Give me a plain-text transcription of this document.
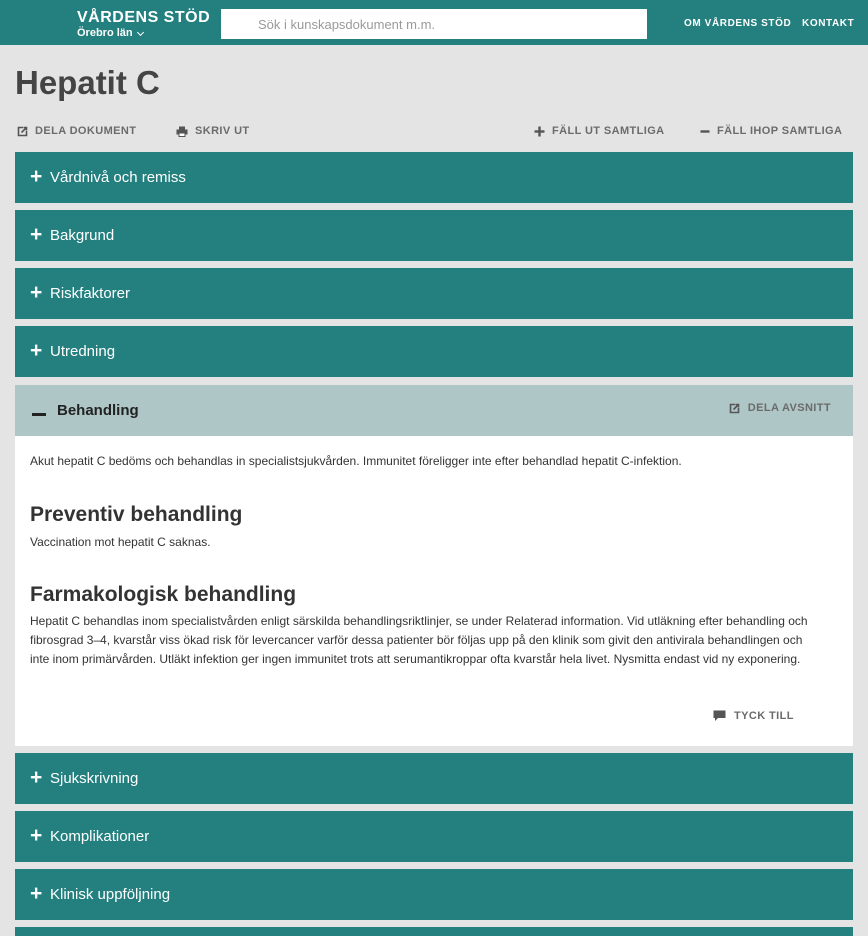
VÅRDENS STÖD
Örebro län
Sök i kunskapsdokument m.m.
OM VÅRDENS STÖD KONTAKT
Hepatit C
DELA DOKUMENT	SKRIV UT	FÄLL UT SAMTLIGA	FÄLL IHOP SAMTLIGA
+ Vårdnivå och remiss
+ Bakgrund
+ Riskfaktorer
+ Utredning
Behandling	DELA AVSNITT

Akut hepatit C bedöms och behandlas in specialistsjukvården. Immunitet föreligger inte efter behandlad hepatit C-infektion.

Preventiv behandling

Vaccination mot hepatit C saknas.

Farmakologisk behandling

Hepatit C behandlas inom specialistvården enligt särskilda behandlingsriktlinjer, se under Relaterad information. Vid utläkning efter behandling och

fibrosgrad 3–4, kvarstår viss ökad risk för levercancer varför dessa patienter bör följas upp på den klinik som givit den antivirala behandlingen och

inte inom primärvården. Utläkt infektion ger ingen immunitet trots att serumantikroppar ofta kvarstår hela livet. Nysmitta endast vid ny exponering.

TYCK TILL
+ Sjukskrivning
+ Komplikationer
+ Klinisk uppföljning
